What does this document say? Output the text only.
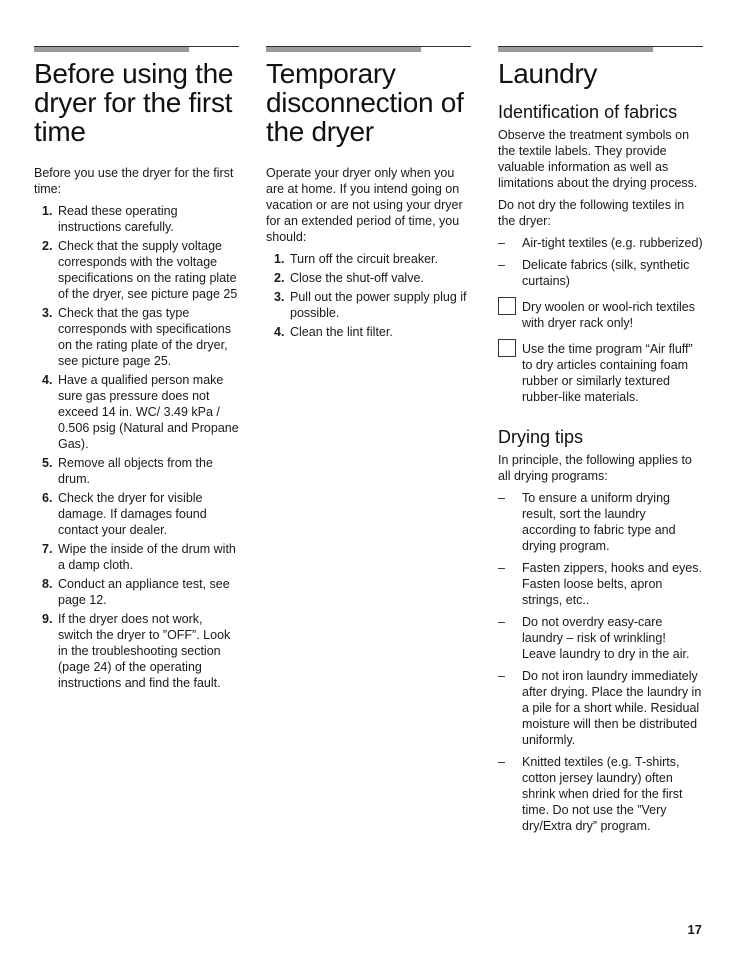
Before using the dryer for the first time

Before you use the dryer for the first time:

1. Read these operating instructions carefully.
2. Check that the supply voltage corresponds with the voltage specifications on the rating plate of the dryer, see picture page 25
3. Check that the gas type corresponds with specifications on the rating plate of the dryer, see picture page 25.
4. Have a qualified person make sure gas pressure does not exceed 14 in. WC/ 3.49 kPa / 0.506 psig (Natural and Propane Gas).
5. Remove all objects from the drum.
6. Check the dryer for visible damage. If damages found contact your dealer.
7. Wipe the inside of the drum with a damp cloth.
8. Conduct an appliance test, see page 12.
9. If the dryer does not work, switch the dryer to ”OFF”. Look in the troubleshooting section (page 24) of the operating instructions and find the fault.
Temporary disconnection of the dryer

Operate your dryer only when you are at home. If you intend going on vacation or are not using your dryer for an extended period of time, you should:

1. Turn off the circuit breaker.
2. Close the shut-off valve.
3. Pull out the power supply plug if possible.
4. Clean the lint filter.
Laundry
Identification of fabrics

Observe the treatment symbols on the textile labels. They provide valuable information as well as limitations about the drying process.

Do not dry the following textiles in the dryer:

– Air-tight textiles (e.g. rubberized)
– Delicate fabrics (silk, synthetic curtains)
Dry woolen or wool-rich textiles with dryer rack only!
Use the time program “Air fluff” to dry articles containing foam rubber or similarly textured rubber-like materials.
Drying tips

In principle, the following applies to all drying programs:

– To ensure a uniform drying result, sort the laundry according to fabric type and drying program.
– Fasten zippers, hooks and eyes. Fasten loose belts, apron strings, etc..
– Do not overdry easy-care laundry – risk of wrinkling! Leave laundry to dry in the air.
– Do not iron laundry immediately after drying. Place the laundry in a pile for a short while. Residual moisture will then be distributed uniformly.
– Knitted textiles (e.g. T-shirts, cotton jersey laundry) often shrink when dried for the first time. Do not use the ”Very dry/Extra dry” program.
17
